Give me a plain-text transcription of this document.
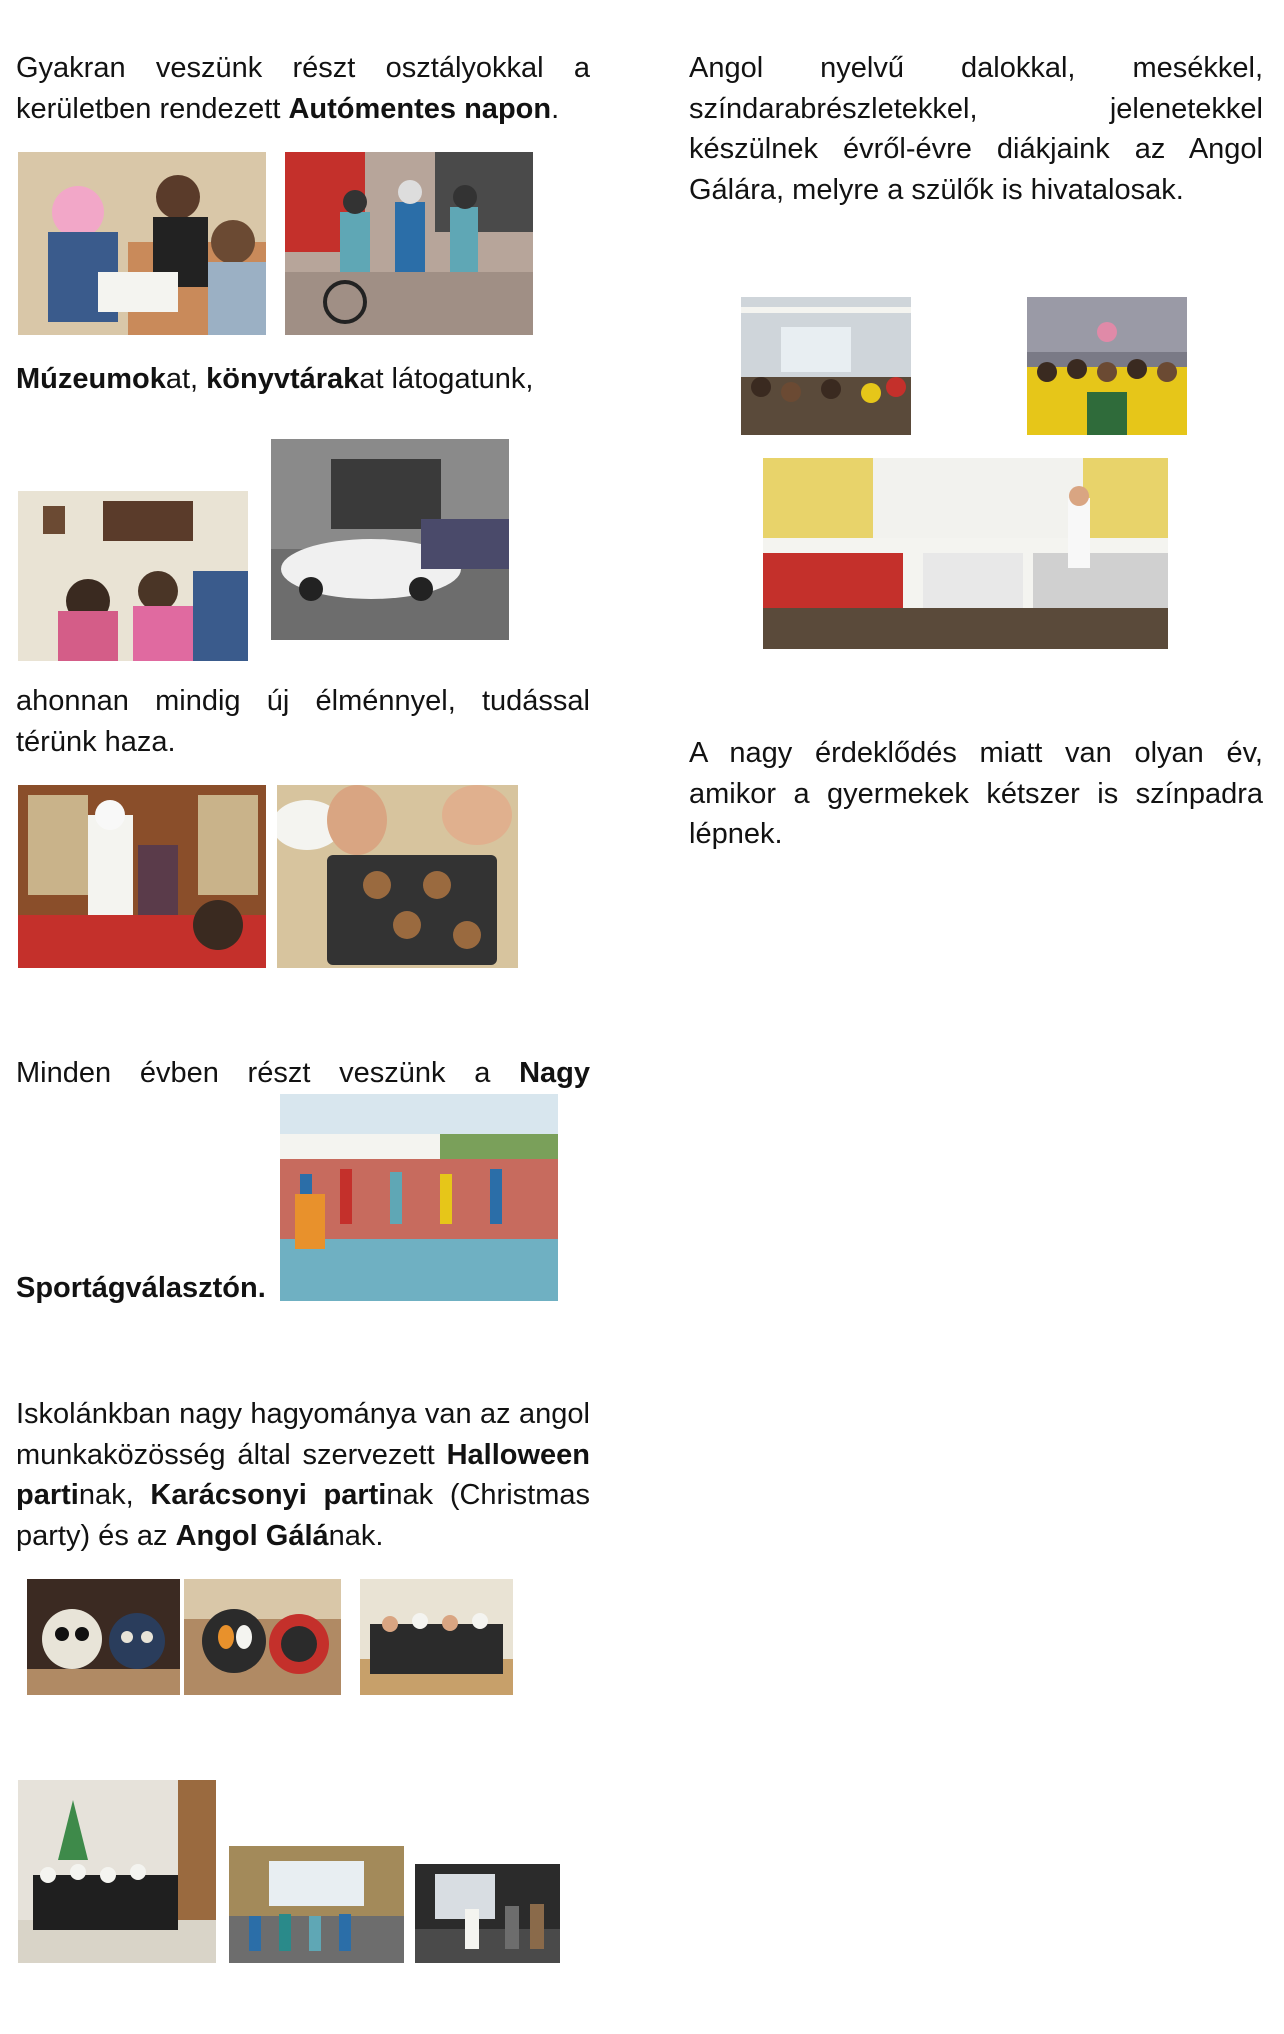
Gyakran veszünk részt osztályokkal a kerületben rendezett Autómentes napon.

Múzeumokat, könyvtárakat látogatunk,

ahonnan mindig új élménnyel, tudással térünk haza.

Minden évben részt veszünk a Nagy

Sportágválasztón.

Iskolánkban nagy hagyománya van az angol munkaközösség által szervezett Halloween partinak, Karácsonyi partinak (Christmas party) és az Angol Gálának.

Angol nyelvű dalokkal, mesékkel, színdarabrészletekkel, jelenetekkel készülnek évről-évre diákjaink az Angol Gálára, melyre a szülők is hivatalosak.

A nagy érdeklődés miatt van olyan év, amikor a gyermekek kétszer is színpadra lépnek.
